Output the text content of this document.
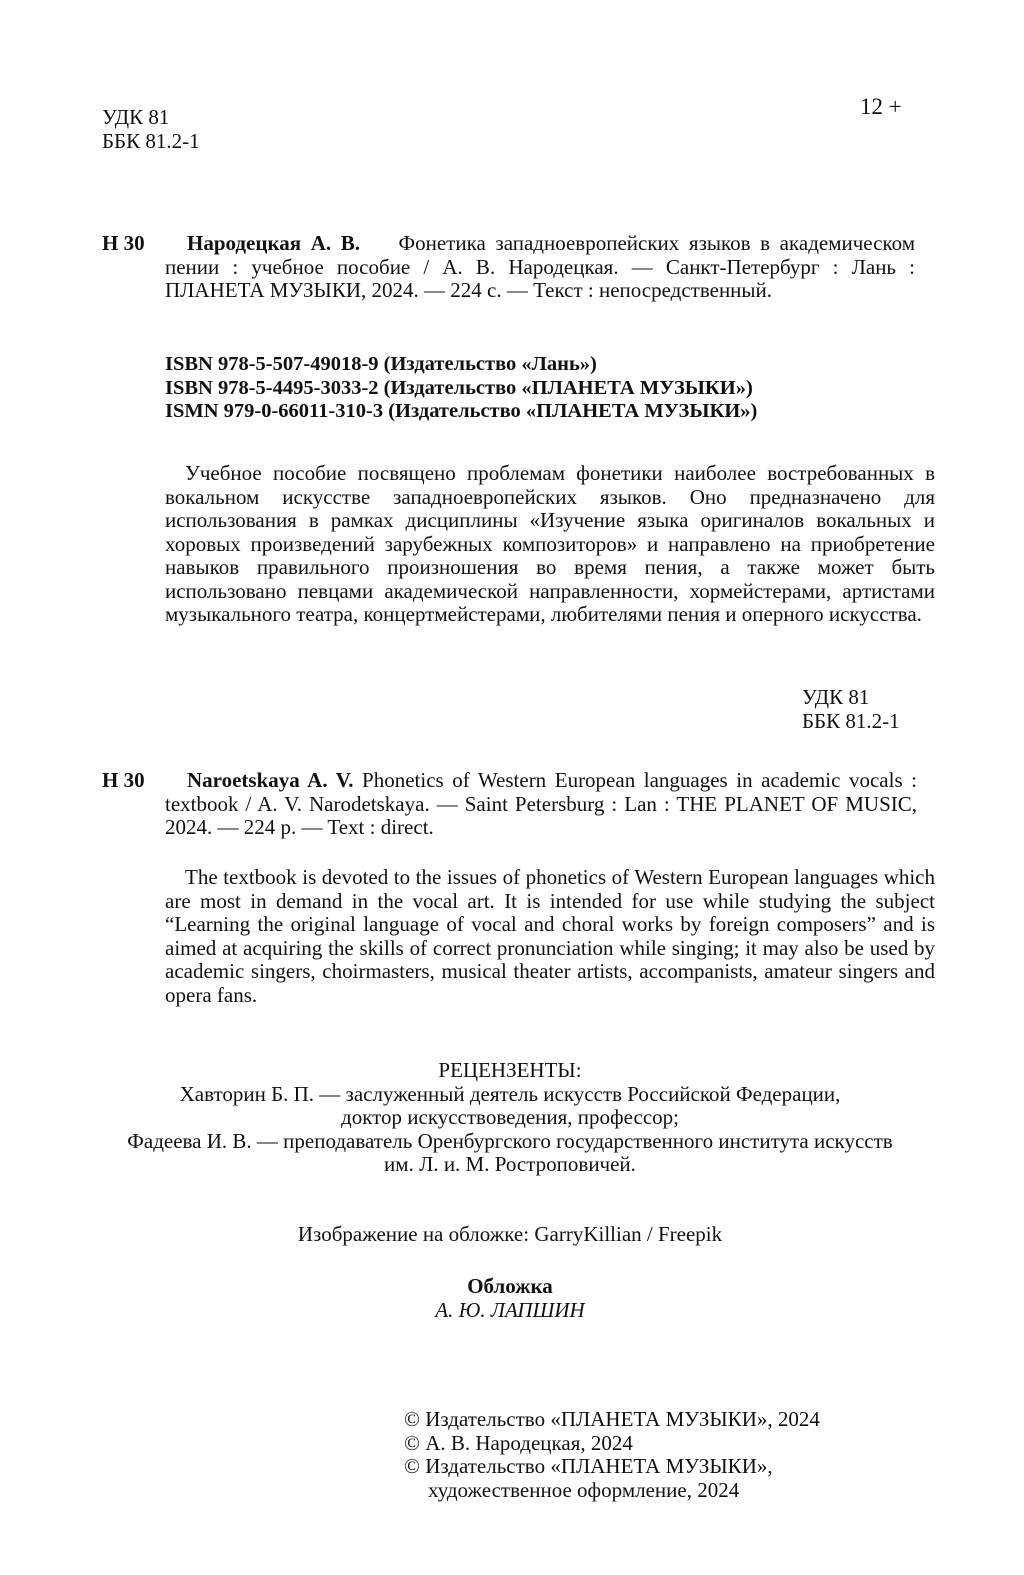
УДК 81
ББК 81.2-1
12 +
Н 30	Народецкая А. В. Фонетика западноевропейских языков в академическом пении : учебное пособие / А. В. Народецкая. — Санкт-Петербург : Лань : ПЛАНЕТА МУЗЫКИ, 2024. — 224 с. — Текст : непосредственный.
ISBN 978-5-507-49018-9 (Издательство «Лань»)
ISBN 978-5-4495-3033-2 (Издательство «ПЛАНЕТА МУЗЫКИ»)
ISMN 979-0-66011-310-3 (Издательство «ПЛАНЕТА МУЗЫКИ»)

Учебное пособие посвящено проблемам фонетики наиболее востребованных в вокальном искусстве западноевропейских языков. Оно предназначено для использования в рамках дисциплины «Изучение языка оригиналов вокальных и хоровых произведений зарубежных композиторов» и направлено на приобретение навыков правильного произношения во время пения, а также может быть использовано певцами академической направленности, хормейстерами, артистами музыкального театра, концертмейстерами, любителями пения и оперного искусства.

УДК 81
ББК 81.2-1
Н 30	Naroetskaya A. V. Phonetics of Western European languages in academic vocals : textbook / A. V. Narodetskaya. — Saint Petersburg : Lan : THE PLANET OF MUSIC, 2024. — 224 p. — Text : direct.

The textbook is devoted to the issues of phonetics of Western European languages which are most in demand in the vocal art. It is intended for use while studying the subject “Learning the original language of vocal and choral works by foreign composers” and is aimed at acquiring the skills of correct pronunciation while singing; it may also be used by academic singers, choirmasters, musical theater artists, accompanists, amateur singers and opera fans.

РЕЦЕНЗЕНТЫ:
Хавторин Б. П. — заслуженный деятель искусств Российской Федерации,
доктор искусствоведения, профессор;
Фадеева И. В. — преподаватель Оренбургского государственного института искусств
им. Л. и. М. Ростроповичей.
Изображение на обложке: GarryKillian / Freepik
Обложка
А. Ю. ЛАПШИН
© Издательство «ПЛАНЕТА МУЗЫКИ», 2024
© А. В. Народецкая, 2024
© Издательство «ПЛАНЕТА МУЗЫКИ»,
художественное оформление, 2024
